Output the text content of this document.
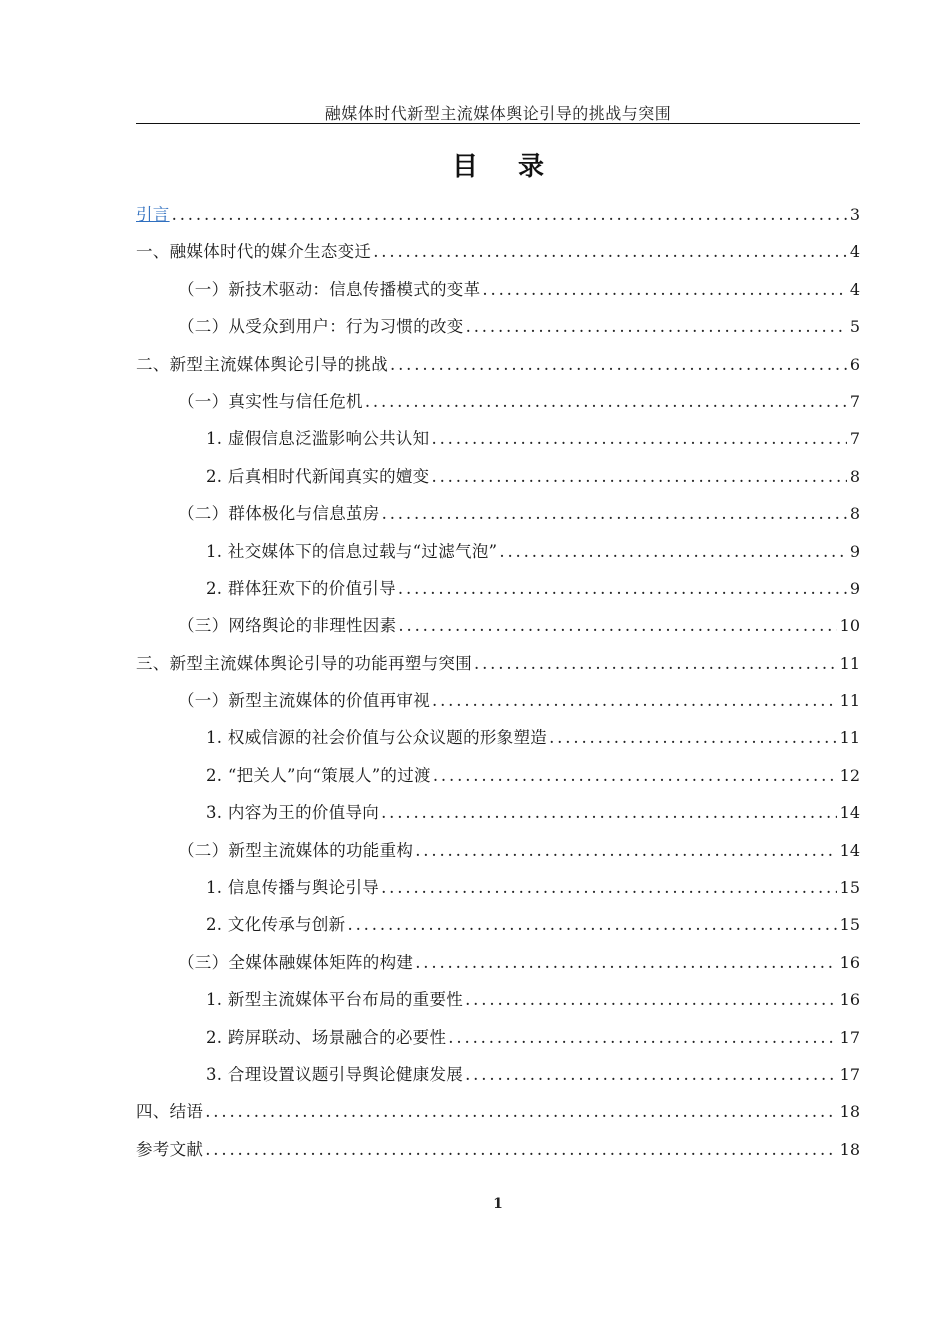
融媒体时代新型主流媒体舆论引导的挑战与突围
目录
引言 . . .	3
一、融媒体时代的媒介生态变迁 . . .	4
（一）新技术驱动：信息传播模式的变革 . . .	4
（二）从受众到用户：行为习惯的改变 . . .	5
二、新型主流媒体舆论引导的挑战 . . .	6
（一）真实性与信任危机 . . .	7
1. 虚假信息泛滥影响公共认知 . . .	7
2. 后真相时代新闻真实的嬗变 . . .	8
（二）群体极化与信息茧房 . . .	8
1. 社交媒体下的信息过载与“过滤气泡” . . .	9
2. 群体狂欢下的价值引导 . . .	9
（三）网络舆论的非理性因素 . . .	10
三、新型主流媒体舆论引导的功能再塑与突围 . . .	11
（一）新型主流媒体的价值再审视 . . .	11
1. 权威信源的社会价值与公众议题的形象塑造 . . .	11
2. “把关人”向“策展人”的过渡 . . .	12
3. 内容为王的价值导向 . . .	14
（二）新型主流媒体的功能重构 . . .	14
1. 信息传播与舆论引导 . . .	15
2. 文化传承与创新 . . .	15
（三）全媒体融媒体矩阵的构建 . . .	16
1. 新型主流媒体平台布局的重要性 . . .	16
2. 跨屏联动、场景融合的必要性 . . .	17
3. 合理设置议题引导舆论健康发展 . . .	17
四、结语 . . .	18
参考文献 . . .	18
1
